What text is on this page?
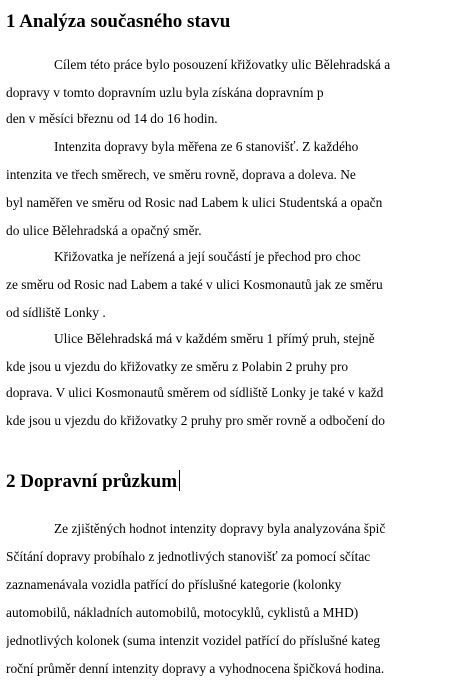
1 Analýza současného stavu
Cílem této práce bylo posouzení křižovatky ulic Bělehradská a
dopravy v tomto dopravním uzlu byla získána dopravním p
den v měsíci březnu od 14 do 16 hodin.
Intenzita dopravy byla měřena ze 6 stanovišť. Z každého
intenzita ve třech směrech, ve směru rovně, doprava a doleva. Ne
byl naměřen ve směru od Rosic nad Labem k ulici Studentská a opačn
do ulice Bělehradská a opačný směr.
Křižovatka je neřízená a její součástí je přechod pro choc
ze směru od Rosic nad Labem a také v ulici Kosmonautů jak ze směru
od sídliště Lonky .
Ulice Bělehradská má v každém směru 1 přímý pruh, stejně
kde jsou u vjezdu do křižovatky ze směru z Polabin 2 pruhy pro
doprava. V ulici Kosmonautů směrem od sídliště Lonky je také v každ
kde jsou u vjezdu do křižovatky 2 pruhy pro směr rovně a odbočení do
2 Dopravní průzkum
Ze zjištěných hodnot intenzity dopravy byla analyzována špič
Sčítání dopravy probíhalo z jednotlivých stanovišť za pomocí sčítac
zaznamenávala vozidla patřící do příslušné kategorie (kolonky
automobilů, nákladních automobilů, motocyklů, cyklistů a MHD)
jednotlivých kolonek (suma intenzit vozidel patřící do příslušné kateg
roční průměr denní intenzity dopravy a vyhodnocena špičková hodina.
